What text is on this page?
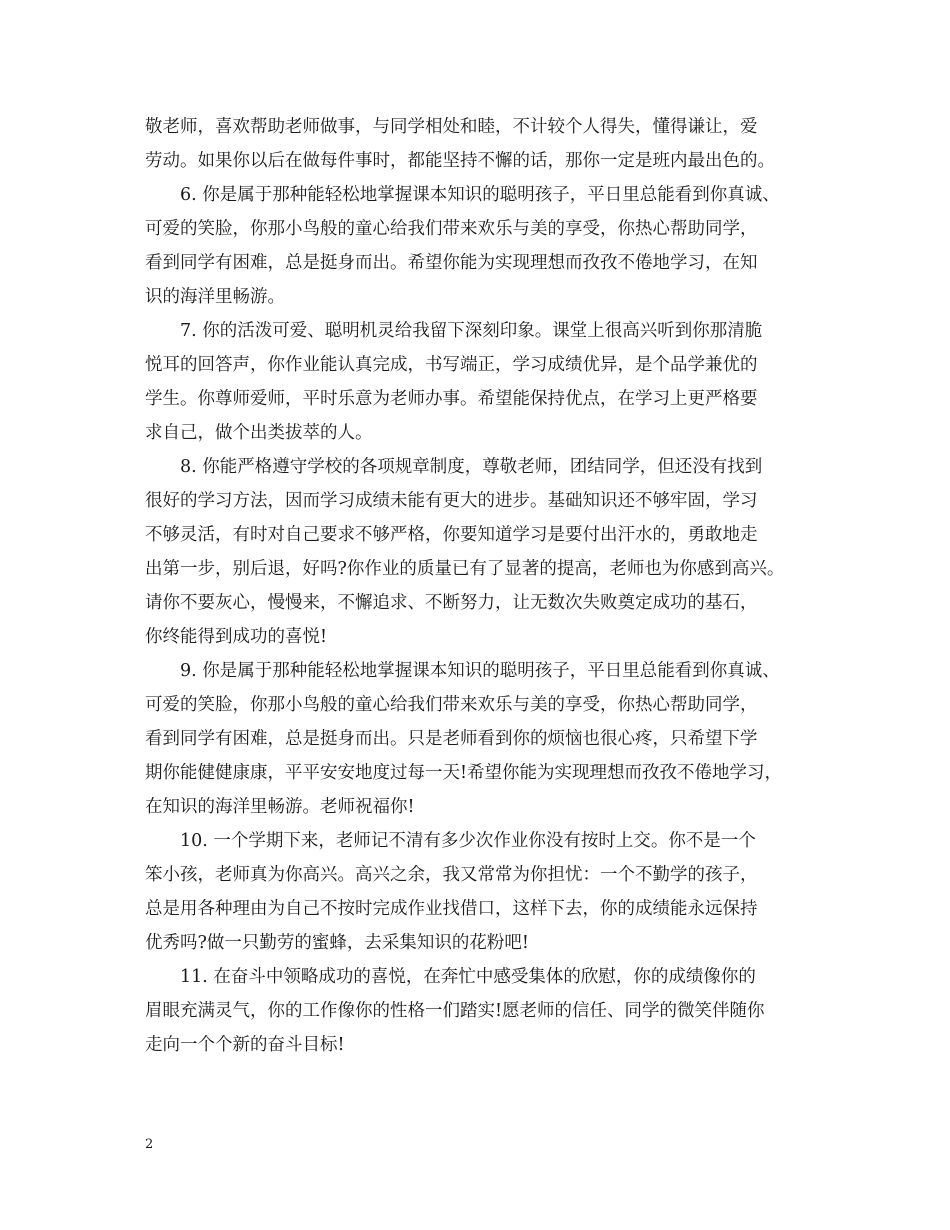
敬老师，喜欢帮助老师做事，与同学相处和睦，不计较个人得失，懂得谦让，爱
劳动。如果你以后在做每件事时，都能坚持不懈的话，那你一定是班内最出色的。
6. 你是属于那种能轻松地掌握课本知识的聪明孩子，平日里总能看到你真诚、
可爱的笑脸，你那小鸟般的童心给我们带来欢乐与美的享受，你热心帮助同学，
看到同学有困难，总是挺身而出。希望你能为实现理想而孜孜不倦地学习，在知
识的海洋里畅游。
7. 你的活泼可爱、聪明机灵给我留下深刻印象。课堂上很高兴听到你那清脆
悦耳的回答声，你作业能认真完成，书写端正，学习成绩优异，是个品学兼优的
学生。你尊师爱师，平时乐意为老师办事。希望能保持优点，在学习上更严格要
求自己，做个出类拔萃的人。
8. 你能严格遵守学校的各项规章制度，尊敬老师，团结同学，但还没有找到
很好的学习方法，因而学习成绩未能有更大的进步。基础知识还不够牢固，学习
不够灵活，有时对自己要求不够严格，你要知道学习是要付出汗水的，勇敢地走
出第一步，别后退，好吗?你作业的质量已有了显著的提高，老师也为你感到高兴。
请你不要灰心，慢慢来，不懈追求、不断努力，让无数次失败奠定成功的基石，
你终能得到成功的喜悦!
9. 你是属于那种能轻松地掌握课本知识的聪明孩子，平日里总能看到你真诚、
可爱的笑脸，你那小鸟般的童心给我们带来欢乐与美的享受，你热心帮助同学，
看到同学有困难，总是挺身而出。只是老师看到你的烦恼也很心疼，只希望下学
期你能健健康康，平平安安地度过每一天!希望你能为实现理想而孜孜不倦地学习，
在知识的海洋里畅游。老师祝福你!
10. 一个学期下来，老师记不清有多少次作业你没有按时上交。你不是一个
笨小孩，老师真为你高兴。高兴之余，我又常常为你担忧：一个不勤学的孩子，
总是用各种理由为自己不按时完成作业找借口，这样下去，你的成绩能永远保持
优秀吗?做一只勤劳的蜜蜂，去采集知识的花粉吧!
11. 在奋斗中领略成功的喜悦，在奔忙中感受集体的欣慰，你的成绩像你的
眉眼充满灵气，你的工作像你的性格一们踏实!愿老师的信任、同学的微笑伴随你
走向一个个新的奋斗目标!
2
